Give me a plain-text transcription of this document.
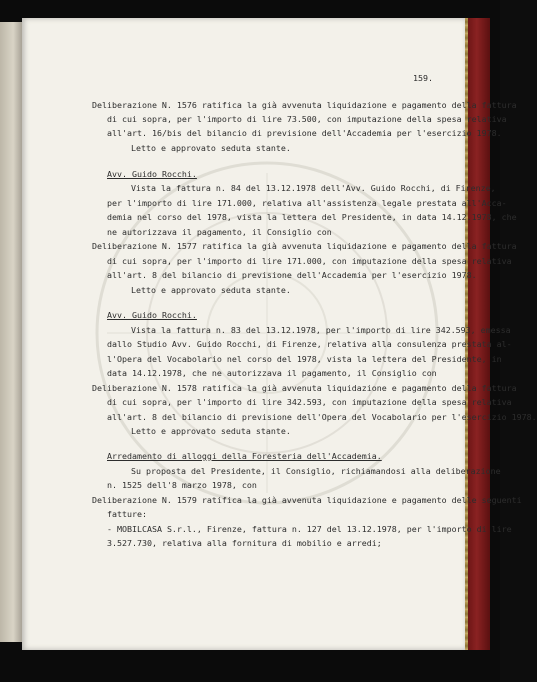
159.
Deliberazione N. 1576 ratifica la già avvenuta liquidazione e pagamento della fattura
di cui sopra, per l'importo di lire 73.500, con imputazione della spesa relativa
all'art. 16/bis del bilancio di previsione dell'Accademia per l'esercizio 1978.
Letto e approvato seduta stante.
Avv. Guido Rocchi.
Vista la fattura n. 84 del 13.12.1978 dell'Avv. Guido Rocchi, di Firenze,
per l'importo di lire 171.000, relativa all'assistenza legale prestata all'Acca-
demia nel corso del 1978, vista la lettera del Presidente, in data 14.12.1978, che
ne autorizzava il pagamento, il Consiglio con
Deliberazione N. 1577 ratifica la già avvenuta liquidazione e pagamento della fattura
di cui sopra, per l'importo di lire 171.000, con imputazione della spesa relativa
all'art. 8 del bilancio di previsione dell'Accademia per l'esercizio 1978.
Letto e approvato seduta stante.
Avv. Guido Rocchi.
Vista la fattura n. 83 del 13.12.1978, per l'importo di lire 342.593, emessa
dallo Studio Avv. Guido Rocchi, di Firenze, relativa alla consulenza prestata al-
l'Opera del Vocabolario nel corso del 1978, vista la lettera del Presidente, in
data 14.12.1978, che ne autorizzava il pagamento, il Consiglio con
Deliberazione N. 1578 ratifica la già avvenuta liquidazione e pagamento della fattura
di cui sopra, per l'importo di lire 342.593, con imputazione della spesa relativa
all'art. 8 del bilancio di previsione dell'Opera del Vocabolario per l'esercizio 1978.
Letto e approvato seduta stante.
Arredamento di alloggi della Foresteria dell'Accademia.
Su proposta del Presidente, il Consiglio, richiamandosi alla deliberazione
n. 1525 dell'8 marzo 1978, con
Deliberazione N. 1579 ratifica la già avvenuta liquidazione e pagamento delle seguenti
fatture:
- MOBILCASA S.r.l., Firenze, fattura n. 127 del 13.12.1978, per l'importo di lire
3.527.730, relativa alla fornitura di mobilio e arredi;
